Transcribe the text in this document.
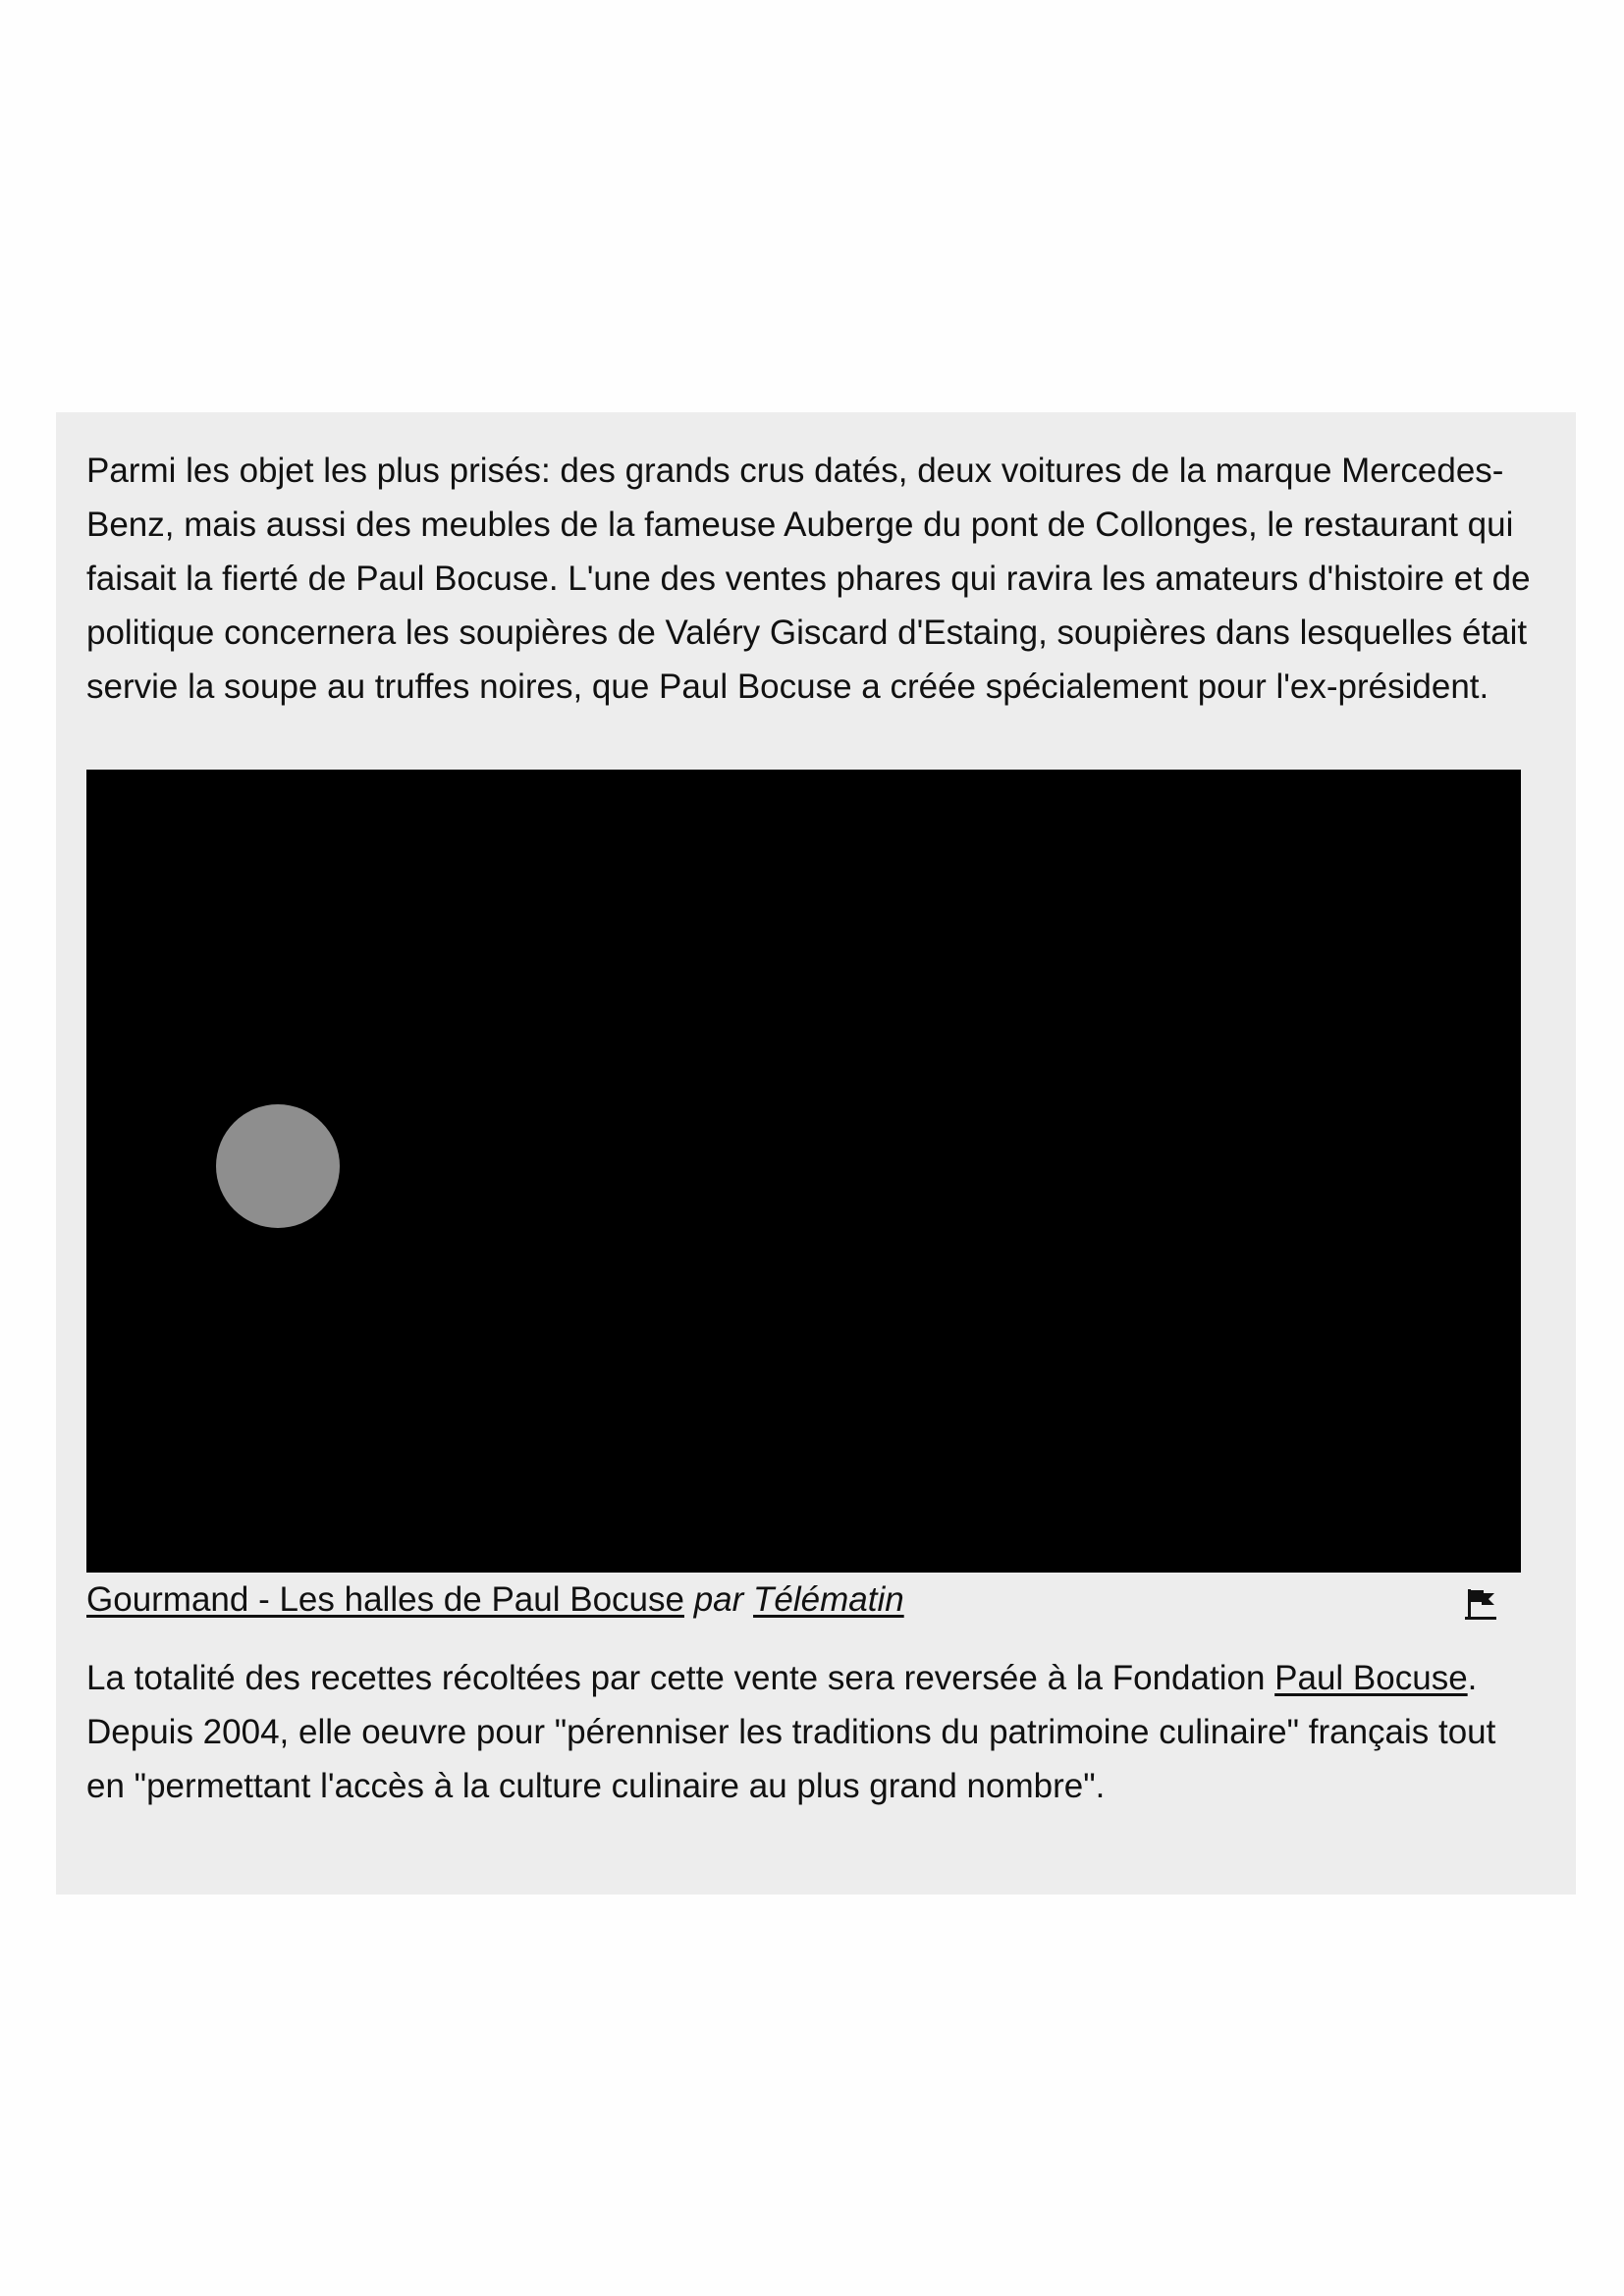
Parmi les objet les plus prisés: des grands crus datés, deux voitures de la marque Mercedes-Benz, mais aussi des meubles de la fameuse Auberge du pont de Collonges, le restaurant qui faisait la fierté de Paul Bocuse. L'une des ventes phares qui ravira les amateurs d'histoire et de politique concernera les soupières de Valéry Giscard d'Estaing, soupières dans lesquelles était servie la soupe au truffes noires, que Paul Bocuse a créée spécialement pour l'ex-président.

Gourmand - Les halles de Paul Bocuse par Télématin

La totalité des recettes récoltées par cette vente sera reversée à la Fondation Paul Bocuse. Depuis 2004, elle oeuvre pour "pérenniser les traditions du patrimoine culinaire" français tout en "permettant l'accès à la culture culinaire au plus grand nombre".
